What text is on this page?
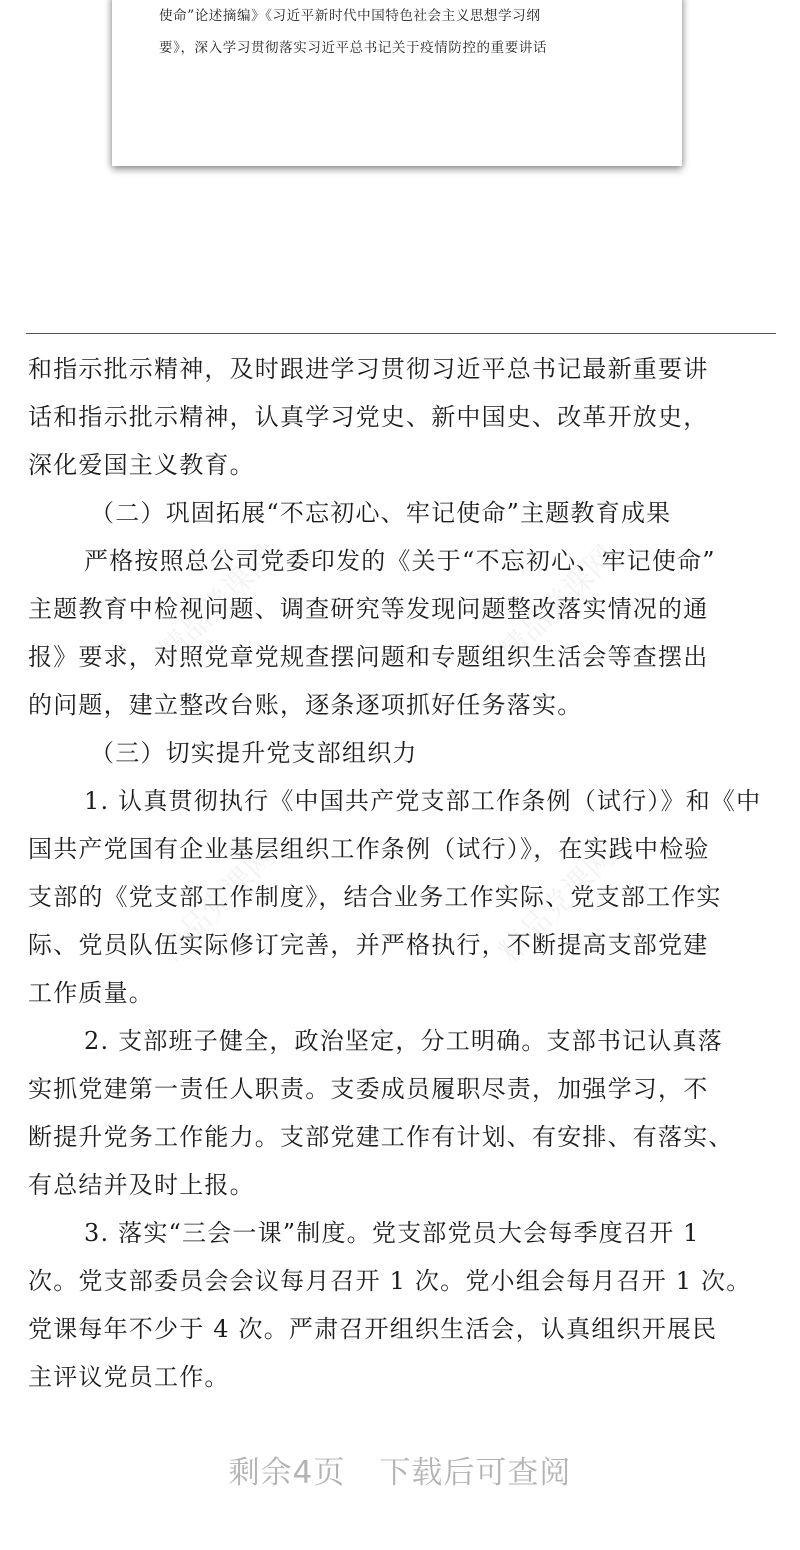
使命”论述摘编》《习近平新时代中国特色社会主义思想学习纲
要》，深入学习贯彻落实习近平总书记关于疫情防控的重要讲话
精品党课网	精品党课网
精品党课网	精品党课网
和指示批示精神，及时跟进学习贯彻习近平总书记最新重要讲
话和指示批示精神，认真学习党史、新中国史、改革开放史，
深化爱国主义教育。
（二）巩固拓展“不忘初心、牢记使命”主题教育成果
严格按照总公司党委印发的《关于“不忘初心、牢记使命”
主题教育中检视问题、调查研究等发现问题整改落实情况的通
报》要求，对照党章党规查摆问题和专题组织生活会等查摆出
的问题，建立整改台账，逐条逐项抓好任务落实。
（三）切实提升党支部组织力
1. 认真贯彻执行《中国共产党支部工作条例（试行）》和《中
国共产党国有企业基层组织工作条例（试行）》，在实践中检验
支部的《党支部工作制度》，结合业务工作实际、党支部工作实
际、党员队伍实际修订完善，并严格执行，不断提高支部党建
工作质量。
2. 支部班子健全，政治坚定，分工明确。支部书记认真落
实抓党建第一责任人职责。支委成员履职尽责，加强学习，不
断提升党务工作能力。支部党建工作有计划、有安排、有落实、
有总结并及时上报。
3. 落实“三会一课”制度。党支部党员大会每季度召开 1
次。党支部委员会会议每月召开 1 次。党小组会每月召开 1 次。
党课每年不少于 4 次。严肃召开组织生活会，认真组织开展民
主评议党员工作。
剩余4页 下载后可查阅
